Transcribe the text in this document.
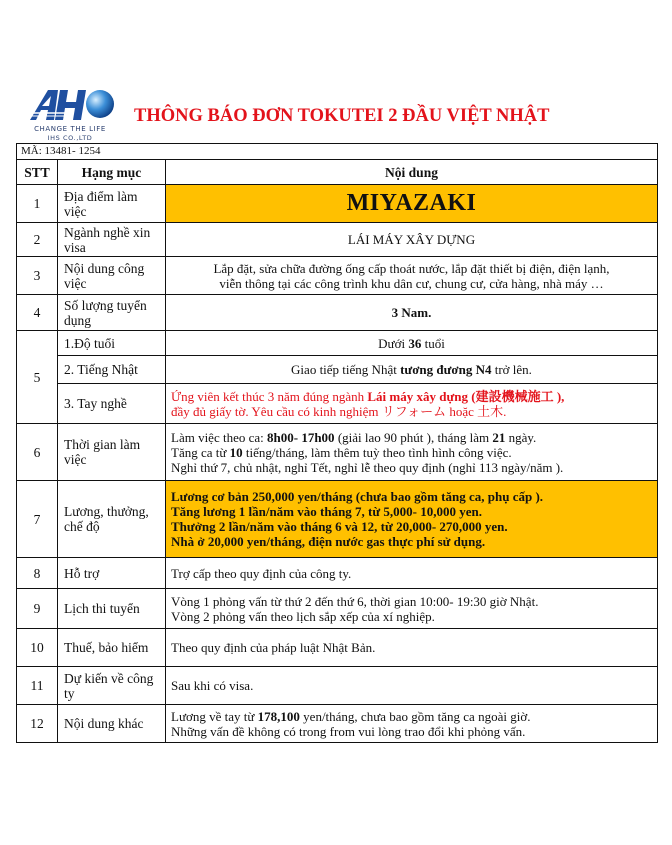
CHANGE THE LIFE
IHS CO.,LTD
THÔNG BÁO ĐƠN TOKUTEI 2 ĐẦU VIỆT NHẬT
MÃ: 13481- 1254		
STT	Hạng mục	Nội dung
1	Địa điểm làm việc	MIYAZAKI
2	Ngành nghề xin visa	LÁI MÁY XÂY DỰNG
3	Nội dung công việc	Lắp đặt, sửa chữa đường ống cấp thoát nước, lắp đặt thiết bị điện, điện lạnh,
viễn thông tại các công trình khu dân cư, chung cư, cửa hàng, nhà máy …

4	Số lượng tuyển dụng	3 Nam.
5	1.Độ tuổi	Dưới 36 tuổi
	2. Tiếng Nhật	Giao tiếp tiếng Nhật tương đương N4 trở lên.
	3. Tay nghề	Ứng viên kết thúc 3 năm đúng ngành Lái máy xây dựng (建設機械施工 ),
đầy đủ giấy tờ. Yêu cầu có kinh nghiệm リフォーム hoặc 土木.

6	Thời gian làm việc	Làm việc theo ca: 8h00- 17h00 (giải lao 90 phút ), tháng làm 21 ngày.
Tăng ca từ 10 tiếng/tháng, làm thêm tuỳ theo tình hình công việc.
Nghỉ thứ 7, chủ nhật, nghỉ Tết, nghỉ lễ theo quy định (nghỉ 113 ngày/năm ).

7	Lương, thưởng, chế độ	Lương cơ bản 250,000 yen/tháng (chưa bao gồm tăng ca, phụ cấp ).
Tăng lương 1 lần/năm vào tháng 7, từ 5,000- 10,000 yen.
Thưởng 2 lần/năm vào tháng 6 và 12, từ 20,000- 270,000 yen.
Nhà ở 20,000 yen/tháng, điện nước gas thực phí sử dụng.

8	Hỗ trợ	Trợ cấp theo quy định của công ty.
9	Lịch thi tuyển	Vòng 1 phỏng vấn từ thứ 2 đến thứ 6, thời gian 10:00- 19:30 giờ Nhật.
Vòng 2 phỏng vấn theo lịch sắp xếp của xí nghiệp.

10	Thuế, bảo hiểm	Theo quy định của pháp luật Nhật Bản.
11	Dự kiến về công ty	Sau khi có visa.
12	Nội dung khác	Lương về tay từ 178,100 yen/tháng, chưa bao gồm tăng ca ngoài giờ.
Những vấn đề không có trong from vui lòng trao đổi khi phỏng vấn.
